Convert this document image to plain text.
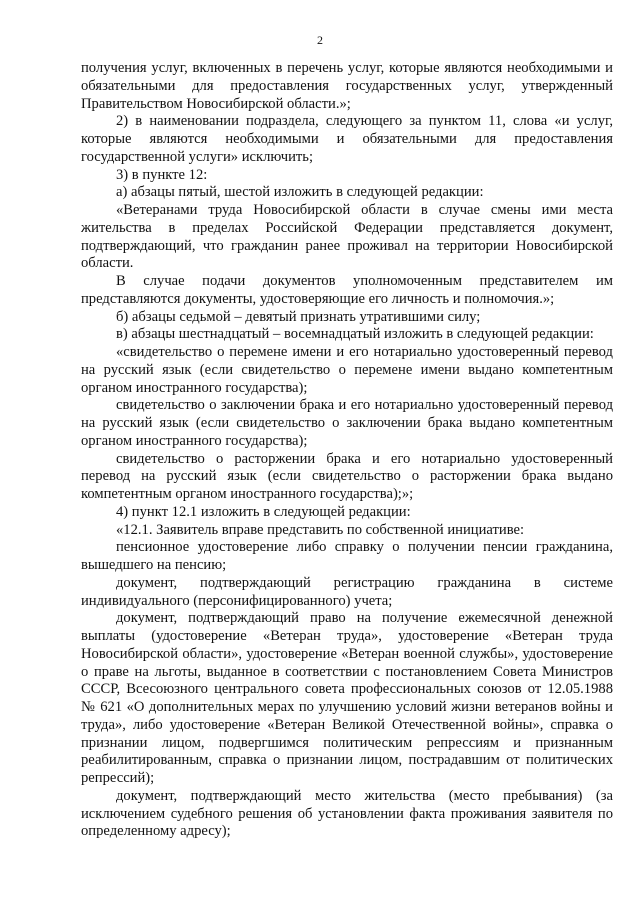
2

получения услуг, включенных в перечень услуг, которые являются необходимыми и обязательными для предоставления государственных услуг, утвержденный Правительством Новосибирской области.»;

2) в наименовании подраздела, следующего за пунктом 11, слова «и услуг, которые являются необходимыми и обязательными для предоставления государственной услуги» исключить;

3) в пункте 12:

а) абзацы пятый, шестой изложить в следующей редакции:

«Ветеранами труда Новосибирской области в случае смены ими места жительства в пределах Российской Федерации представляется документ, подтверждающий, что гражданин ранее проживал на территории Новосибирской области.

В случае подачи документов уполномоченным представителем им представляются документы, удостоверяющие его личность и полномочия.»;

б) абзацы седьмой – девятый признать утратившими силу;

в) абзацы шестнадцатый – восемнадцатый изложить в следующей редакции:

«свидетельство о перемене имени и его нотариально удостоверенный перевод на русский язык (если свидетельство о перемене имени выдано компетентным органом иностранного государства);

свидетельство о заключении брака и его нотариально удостоверенный перевод на русский язык (если свидетельство о заключении брака выдано компетентным органом иностранного государства);

свидетельство о расторжении брака и его нотариально удостоверенный перевод на русский язык (если свидетельство о расторжении брака выдано компетентным органом иностранного государства);»;

4) пункт 12.1 изложить в следующей редакции:

«12.1. Заявитель вправе представить по собственной инициативе:

пенсионное удостоверение либо справку о получении пенсии гражданина, вышедшего на пенсию;

документ, подтверждающий регистрацию гражданина в системе индивидуального (персонифицированного) учета;

документ, подтверждающий право на получение ежемесячной денежной выплаты (удостоверение «Ветеран труда», удостоверение «Ветеран труда Новосибирской области», удостоверение «Ветеран военной службы», удостоверение о праве на льготы, выданное в соответствии с постановлением Совета Министров СССР, Всесоюзного центрального совета профессиональных союзов от 12.05.1988 № 621 «О дополнительных мерах по улучшению условий жизни ветеранов войны и труда», либо удостоверение «Ветеран Великой Отечественной войны», справка о признании лицом, подвергшимся политическим репрессиям и признанным реабилитированным, справка о признании лицом, пострадавшим от политических репрессий);

документ, подтверждающий место жительства (место пребывания) (за исключением судебного решения об установлении факта проживания заявителя по определенному адресу);
